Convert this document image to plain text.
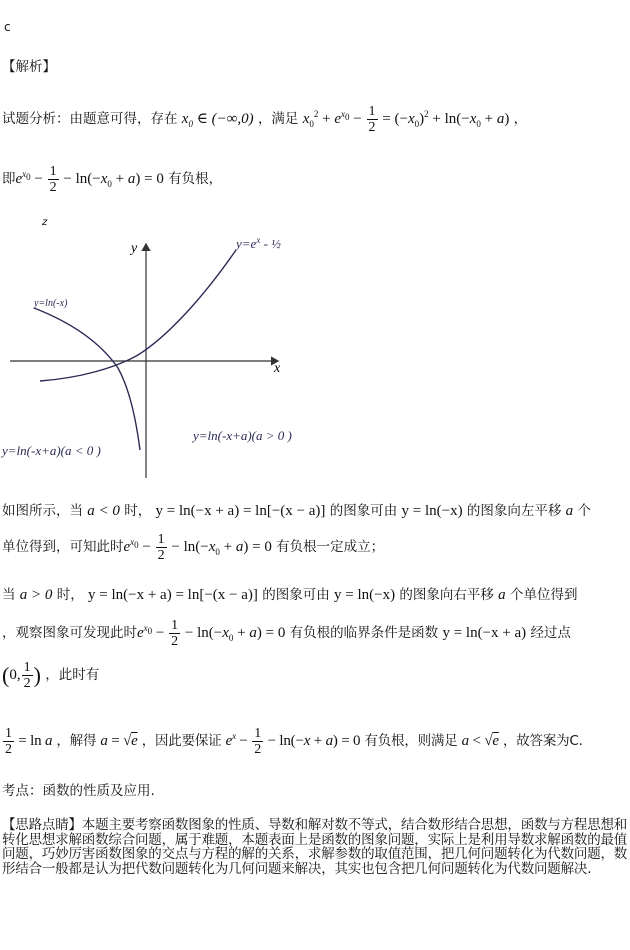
c
【解析】
试题分析：由题意可得，存在 $x_0$ ∈ (−∞,0) ，满足 $x_0^2 + e^{x_0} - \frac{1}{2} = (-x_0)^2 + \ln(-x_0 + a)$ ，
即$e^{x_0} - \frac{1}{2} - \ln(-x_0 + a) = 0$ 有负根，
z
y
x
$y=e^x$ - ½
y=ln(-x)
y=ln(-x+a)(a < 0 )
y=ln(-x+a)(a > 0 )
如图所示，当 a < 0 时， y = ln(−x + a) = ln[−(x − a)] 的图象可由 y = ln(−x) 的图象向左平移 a 个
单位得到，可知此时$e^{x_0} - \frac{1}{2} - \ln(-x_0 + a) = 0$ 有负根一定成立；
当 a > 0 时， y = ln(−x + a) = ln[−(x − a)] 的图象可由 y = ln(−x) 的图象向右平移 a 个单位得到
，观察图象可发现此时$e^{x_0} - \frac{1}{2} - \ln(-x_0 + a) = 0$ 有负根的临界条件是函数 y = ln(−x + a) 经过点
(0, $\frac{1}{2}$ ) ，此时有
$\frac{1}{2} = \ln a$ ，解得 a = √e ，因此要保证 $e^x - \frac{1}{2} - \ln(-x + a) = 0$ 有负根，则满足 a < √e ，故答案为C.
考点：函数的性质及应用.
【思路点睛】本题主要考察函数图象的性质、导数和解对数不等式，结合数形结合思想，函数与方程思想和转化思想求解函数综合问题，属于难题，本题表面上是函数的图象问题，实际上是利用导数求解函数的最值问题，巧妙厉害函数图象的交点与方程的解的关系，求解参数的取值范围，把几何问题转化为代数问题，数形结合一般都是认为把代数问题转化为几何问题来解决，其实也包含把几何问题转化为代数问题解决.
